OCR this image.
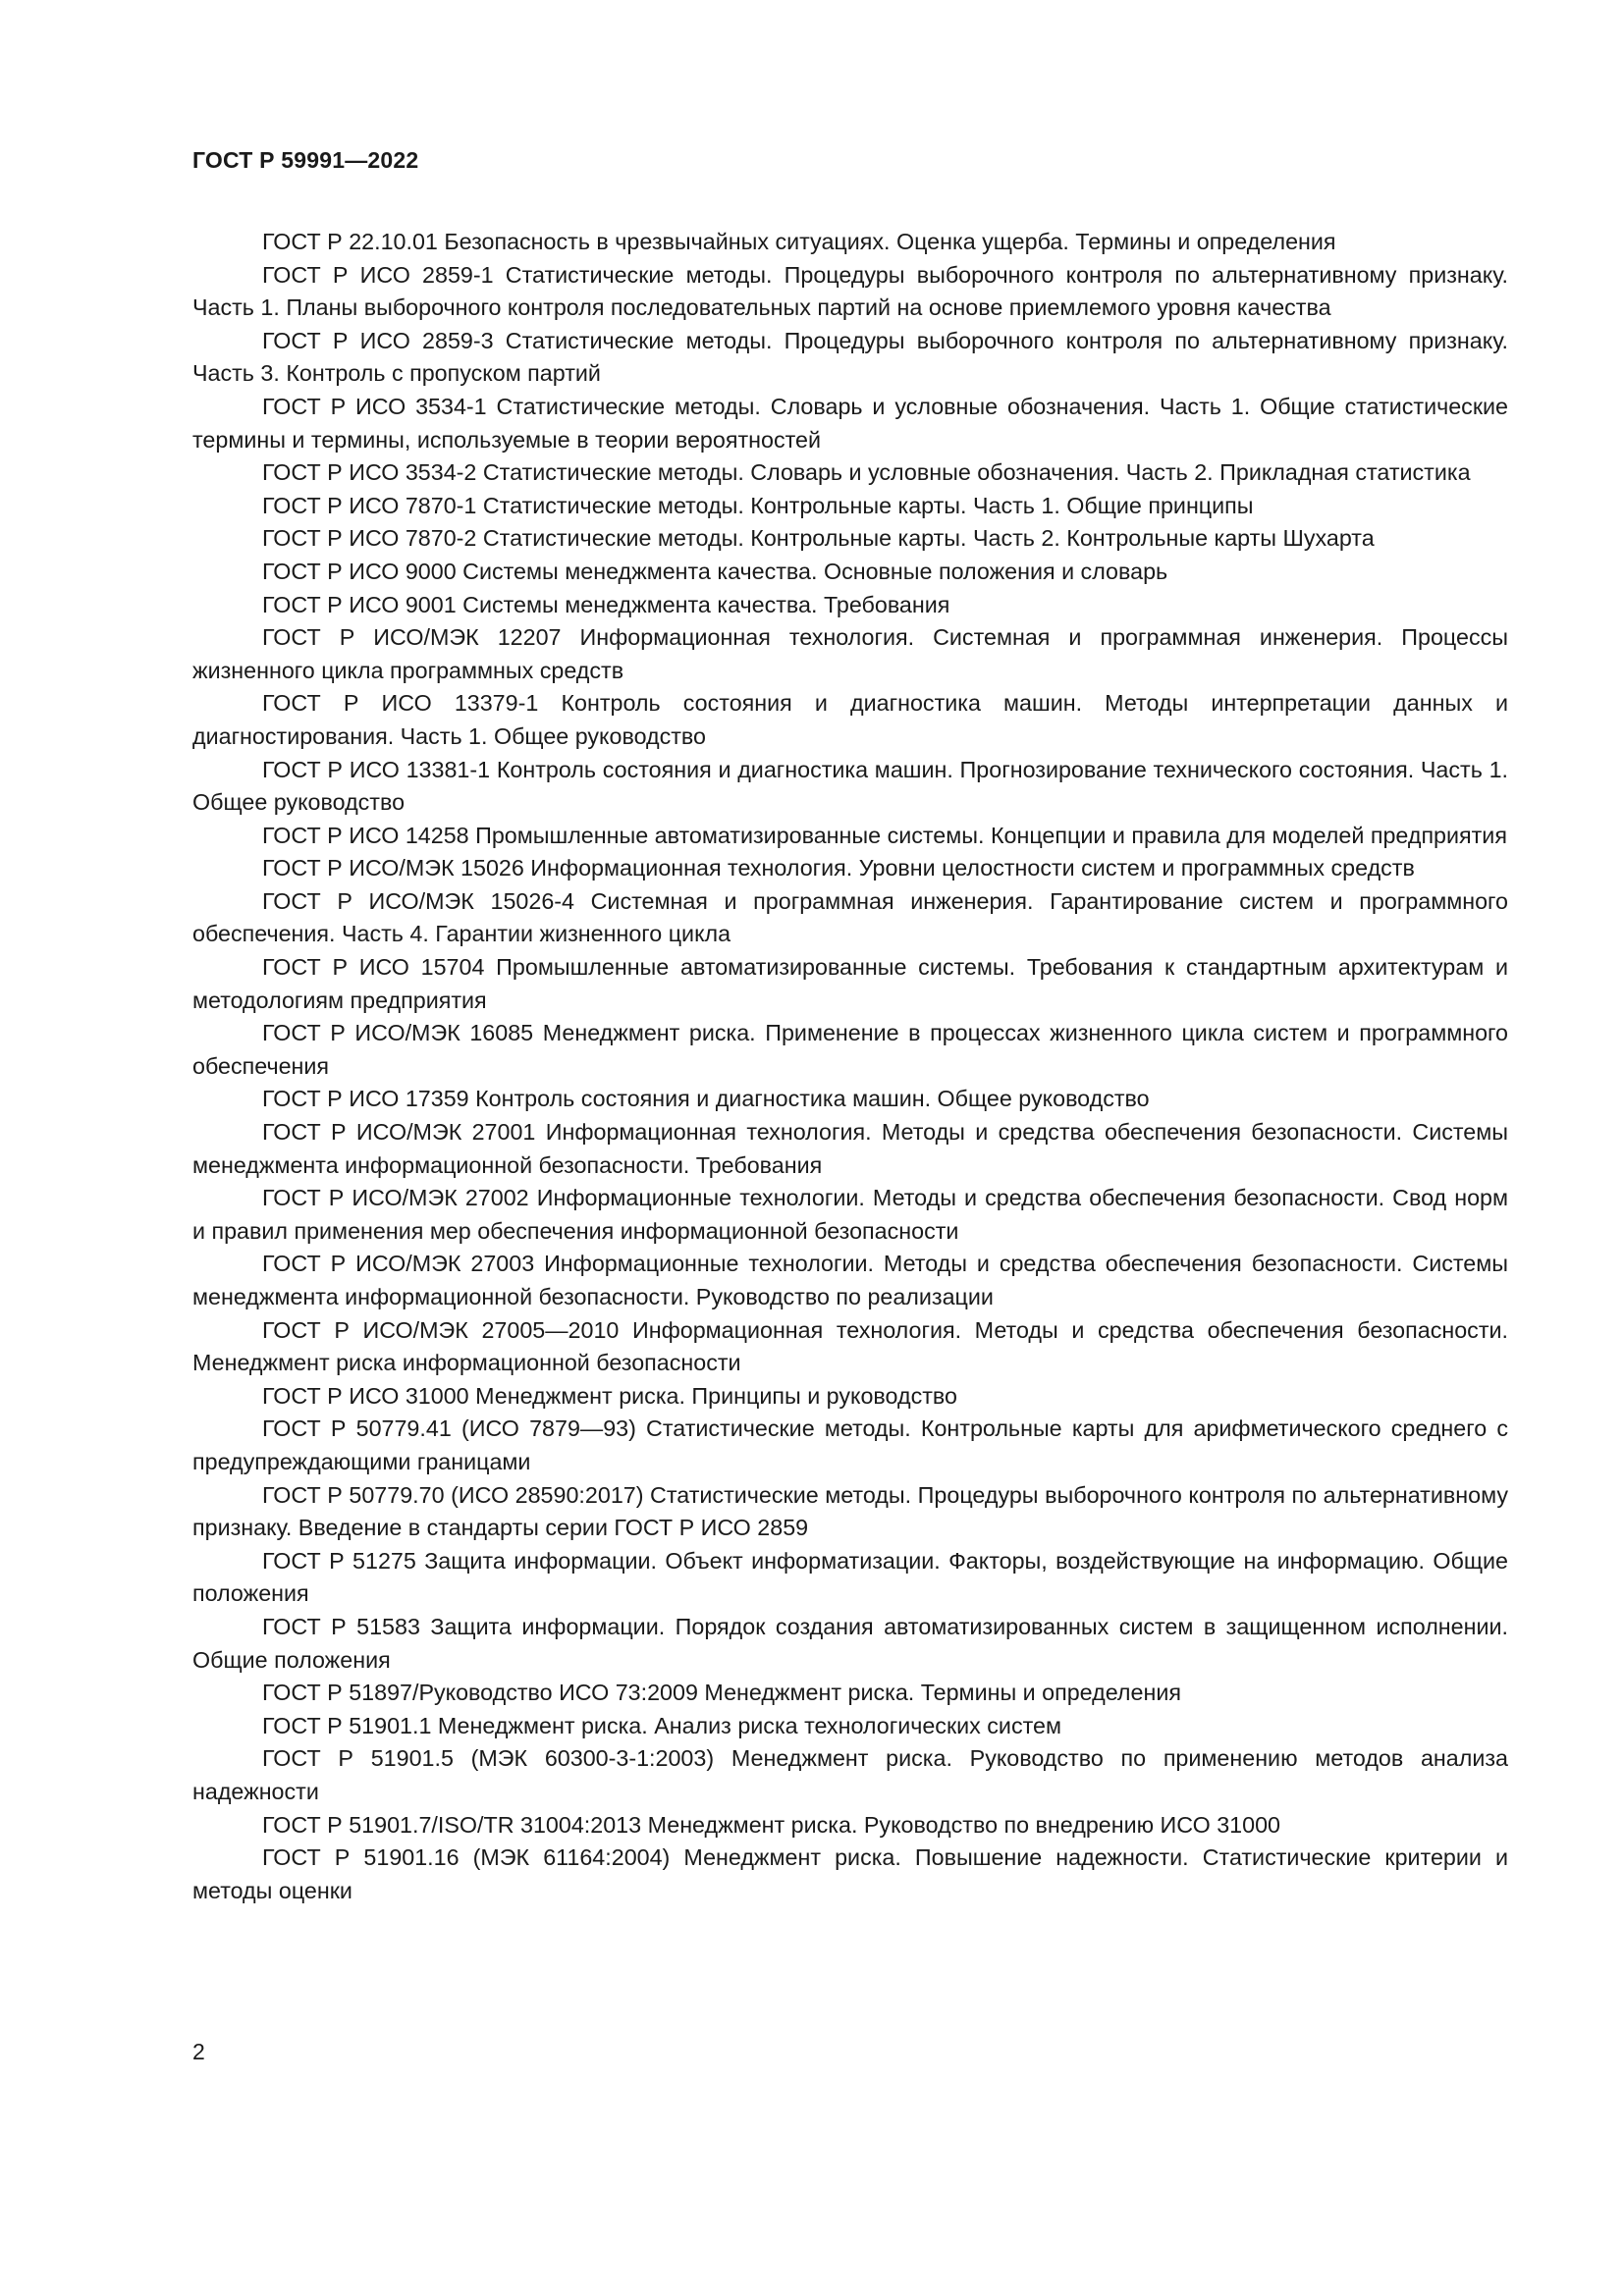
ГОСТ Р 59991—2022

ГОСТ Р 22.10.01 Безопасность в чрезвычайных ситуациях. Оценка ущерба. Термины и определения

ГОСТ Р ИСО 2859-1 Статистические методы. Процедуры выборочного контроля по альтернативному признаку. Часть 1. Планы выборочного контроля последовательных партий на основе приемлемого уровня качества

ГОСТ Р ИСО 2859-3 Статистические методы. Процедуры выборочного контроля по альтернативному признаку. Часть 3. Контроль с пропуском партий

ГОСТ Р ИСО 3534-1 Статистические методы. Словарь и условные обозначения. Часть 1. Общие статистические термины и термины, используемые в теории вероятностей

ГОСТ Р ИСО 3534-2 Статистические методы. Словарь и условные обозначения. Часть 2. Прикладная статистика

ГОСТ Р ИСО 7870-1 Статистические методы. Контрольные карты. Часть 1. Общие принципы

ГОСТ Р ИСО 7870-2 Статистические методы. Контрольные карты. Часть 2. Контрольные карты Шухарта

ГОСТ Р ИСО 9000 Системы менеджмента качества. Основные положения и словарь

ГОСТ Р ИСО 9001 Системы менеджмента качества. Требования

ГОСТ Р ИСО/МЭК 12207 Информационная технология. Системная и программная инженерия. Процессы жизненного цикла программных средств

ГОСТ Р ИСО 13379-1 Контроль состояния и диагностика машин. Методы интерпретации данных и диагностирования. Часть 1. Общее руководство

ГОСТ Р ИСО 13381-1 Контроль состояния и диагностика машин. Прогнозирование технического состояния. Часть 1. Общее руководство

ГОСТ Р ИСО 14258 Промышленные автоматизированные системы. Концепции и правила для моделей предприятия

ГОСТ Р ИСО/МЭК 15026 Информационная технология. Уровни целостности систем и программных средств

ГОСТ Р ИСО/МЭК 15026-4 Системная и программная инженерия. Гарантирование систем и программного обеспечения. Часть 4. Гарантии жизненного цикла

ГОСТ Р ИСО 15704 Промышленные автоматизированные системы. Требования к стандартным архитектурам и методологиям предприятия

ГОСТ Р ИСО/МЭК 16085 Менеджмент риска. Применение в процессах жизненного цикла систем и программного обеспечения

ГОСТ Р ИСО 17359 Контроль состояния и диагностика машин. Общее руководство

ГОСТ Р ИСО/МЭК 27001 Информационная технология. Методы и средства обеспечения безопасности. Системы менеджмента информационной безопасности. Требования

ГОСТ Р ИСО/МЭК 27002 Информационные технологии. Методы и средства обеспечения безопасности. Свод норм и правил применения мер обеспечения информационной безопасности

ГОСТ Р ИСО/МЭК 27003 Информационные технологии. Методы и средства обеспечения безопасности. Системы менеджмента информационной безопасности. Руководство по реализации

ГОСТ Р ИСО/МЭК 27005—2010 Информационная технология. Методы и средства обеспечения безопасности. Менеджмент риска информационной безопасности

ГОСТ Р ИСО 31000 Менеджмент риска. Принципы и руководство

ГОСТ Р 50779.41 (ИСО 7879—93) Статистические методы. Контрольные карты для арифметического среднего с предупреждающими границами

ГОСТ Р 50779.70 (ИСО 28590:2017) Статистические методы. Процедуры выборочного контроля по альтернативному признаку. Введение в стандарты серии ГОСТ Р ИСО 2859

ГОСТ Р 51275 Защита информации. Объект информатизации. Факторы, воздействующие на информацию. Общие положения

ГОСТ Р 51583 Защита информации. Порядок создания автоматизированных систем в защищенном исполнении. Общие положения

ГОСТ Р 51897/Руководство ИСО 73:2009 Менеджмент риска. Термины и определения

ГОСТ Р 51901.1 Менеджмент риска. Анализ риска технологических систем

ГОСТ Р 51901.5 (МЭК 60300-3-1:2003) Менеджмент риска. Руководство по применению методов анализа надежности

ГОСТ Р 51901.7/ISO/TR 31004:2013 Менеджмент риска. Руководство по внедрению ИСО 31000

ГОСТ Р 51901.16 (МЭК 61164:2004) Менеджмент риска. Повышение надежности. Статистические критерии и методы оценки

2
